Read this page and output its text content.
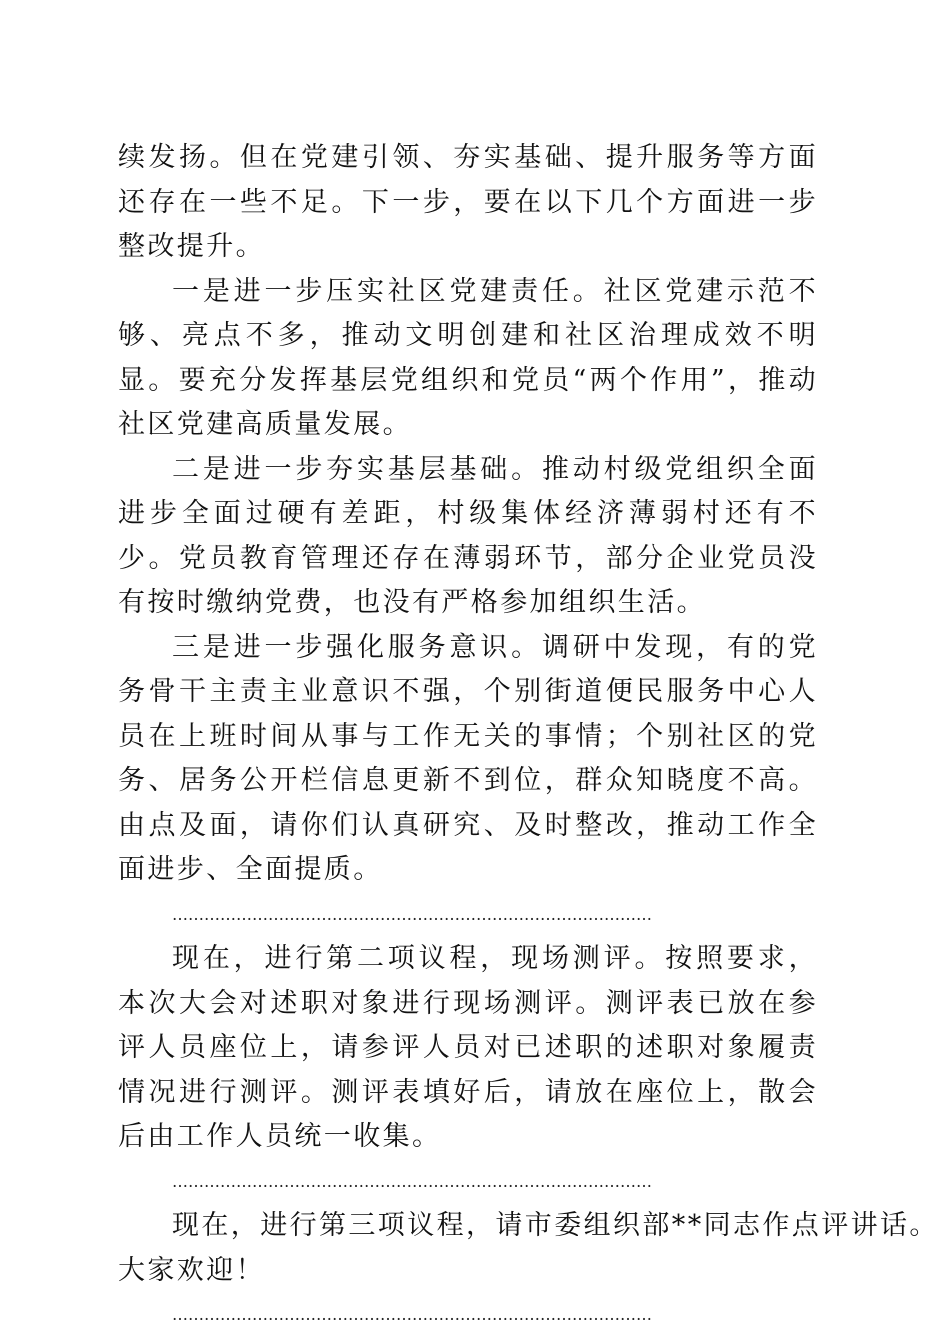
续发扬。但在党建引领、夯实基础、提升服务等方面还存在一些不足。下一步，要在以下几个方面进一步整改提升。

一是进一步压实社区党建责任。社区党建示范不够、亮点不多，推动文明创建和社区治理成效不明显。要充分发挥基层党组织和党员“两个作用”，推动社区党建高质量发展。

二是进一步夯实基层基础。推动村级党组织全面进步全面过硬有差距，村级集体经济薄弱村还有不少。党员教育管理还存在薄弱环节，部分企业党员没有按时缴纳党费，也没有严格参加组织生活。

三是进一步强化服务意识。调研中发现，有的党务骨干主责主业意识不强，个别街道便民服务中心人员在上班时间从事与工作无关的事情；个别社区的党务、居务公开栏信息更新不到位，群众知晓度不高。由点及面，请你们认真研究、及时整改，推动工作全面进步、全面提质。

………………………………………………………………………………

现在，进行第二项议程，现场测评。按照要求，本次大会对述职对象进行现场测评。测评表已放在参评人员座位上，请参评人员对已述职的述职对象履责情况进行测评。测评表填好后，请放在座位上，散会后由工作人员统一收集。

………………………………………………………………………………

现在，进行第三项议程，请市委组织部**同志作点评讲话。

大家欢迎！

………………………………………………………………………………
